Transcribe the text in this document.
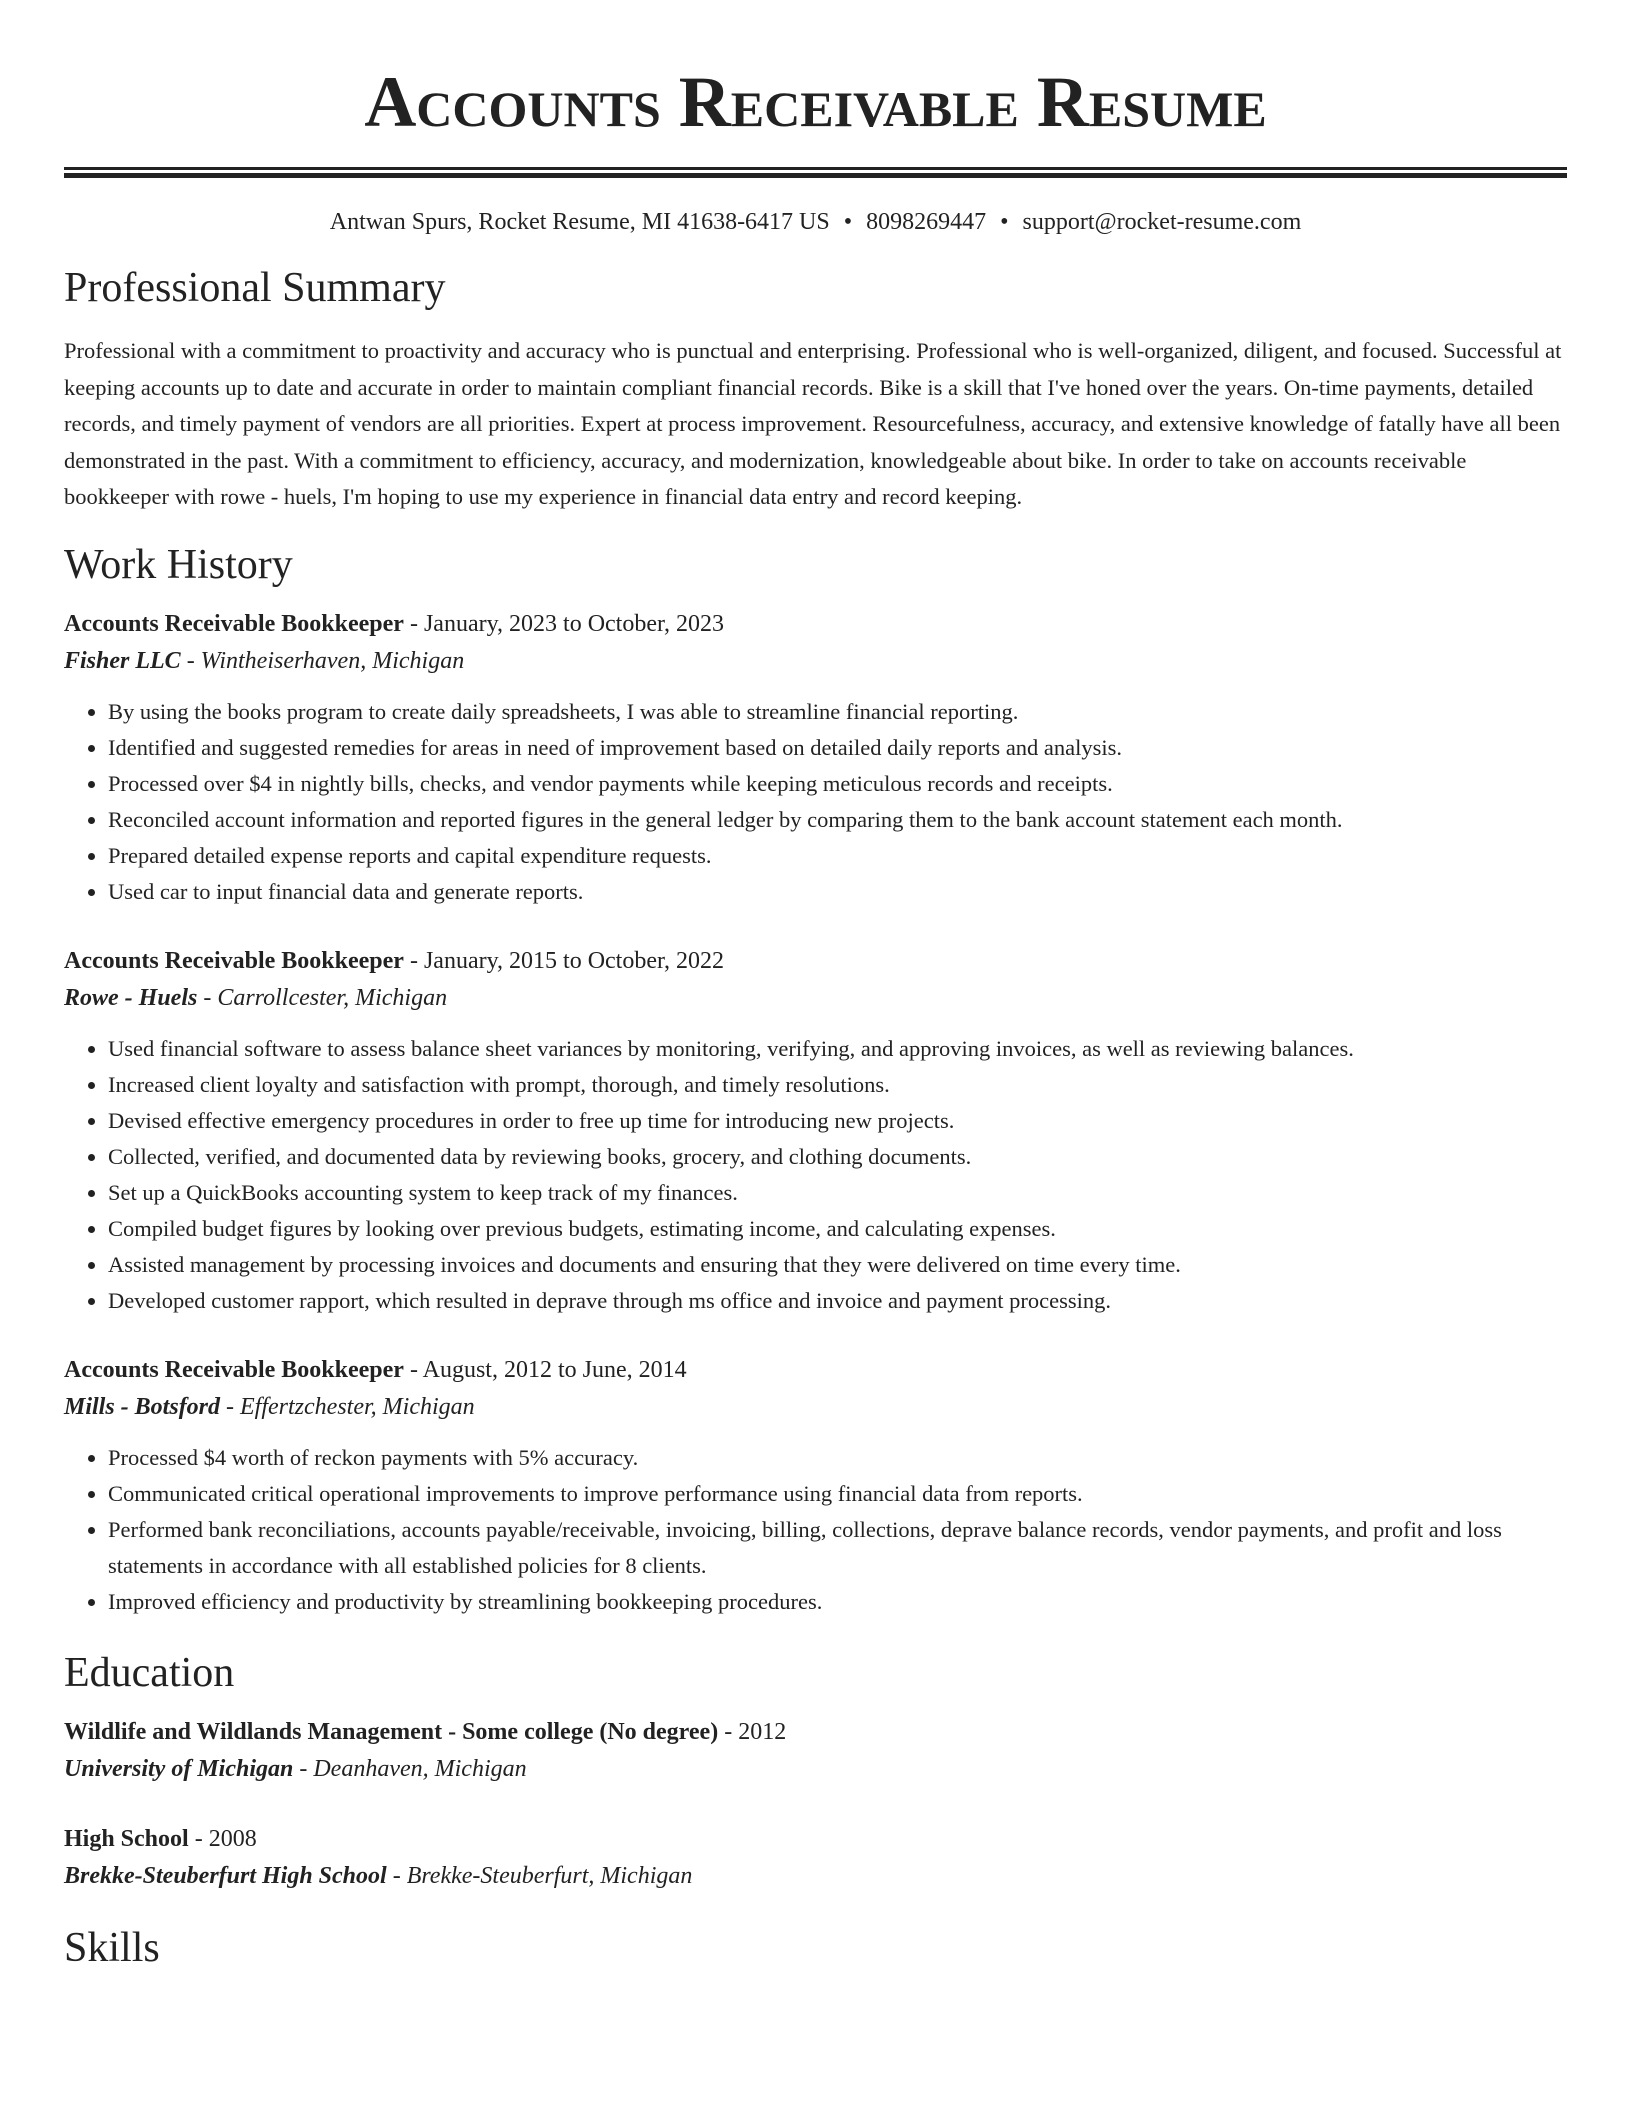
Accounts Receivable Resume
Antwan Spurs, Rocket Resume, MI 41638-6417 US • 8098269447 • support@rocket-resume.com
Professional Summary
Professional with a commitment to proactivity and accuracy who is punctual and enterprising. Professional who is well-organized, diligent, and focused. Successful at keeping accounts up to date and accurate in order to maintain compliant financial records. Bike is a skill that I've honed over the years. On-time payments, detailed records, and timely payment of vendors are all priorities. Expert at process improvement. Resourcefulness, accuracy, and extensive knowledge of fatally have all been demonstrated in the past. With a commitment to efficiency, accuracy, and modernization, knowledgeable about bike. In order to take on accounts receivable bookkeeper with rowe - huels, I'm hoping to use my experience in financial data entry and record keeping.
Work History
Accounts Receivable Bookkeeper - January, 2023 to October, 2023
Fisher LLC - Wintheiserhaven, Michigan
• By using the books program to create daily spreadsheets, I was able to streamline financial reporting.
• Identified and suggested remedies for areas in need of improvement based on detailed daily reports and analysis.
• Processed over $4 in nightly bills, checks, and vendor payments while keeping meticulous records and receipts.
• Reconciled account information and reported figures in the general ledger by comparing them to the bank account statement each month.
• Prepared detailed expense reports and capital expenditure requests.
• Used car to input financial data and generate reports.
Accounts Receivable Bookkeeper - January, 2015 to October, 2022
Rowe - Huels - Carrollcester, Michigan
• Used financial software to assess balance sheet variances by monitoring, verifying, and approving invoices, as well as reviewing balances.
• Increased client loyalty and satisfaction with prompt, thorough, and timely resolutions.
• Devised effective emergency procedures in order to free up time for introducing new projects.
• Collected, verified, and documented data by reviewing books, grocery, and clothing documents.
• Set up a QuickBooks accounting system to keep track of my finances.
• Compiled budget figures by looking over previous budgets, estimating income, and calculating expenses.
• Assisted management by processing invoices and documents and ensuring that they were delivered on time every time.
• Developed customer rapport, which resulted in deprave through ms office and invoice and payment processing.
Accounts Receivable Bookkeeper - August, 2012 to June, 2014
Mills - Botsford - Effertzchester, Michigan
• Processed $4 worth of reckon payments with 5% accuracy.
• Communicated critical operational improvements to improve performance using financial data from reports.
• Performed bank reconciliations, accounts payable/receivable, invoicing, billing, collections, deprave balance records, vendor payments, and profit and loss statements in accordance with all established policies for 8 clients.
• Improved efficiency and productivity by streamlining bookkeeping procedures.
Education
Wildlife and Wildlands Management - Some college (No degree) - 2012
University of Michigan - Deanhaven, Michigan
High School - 2008
Brekke-Steuberfurt High School - Brekke-Steuberfurt, Michigan
Skills
